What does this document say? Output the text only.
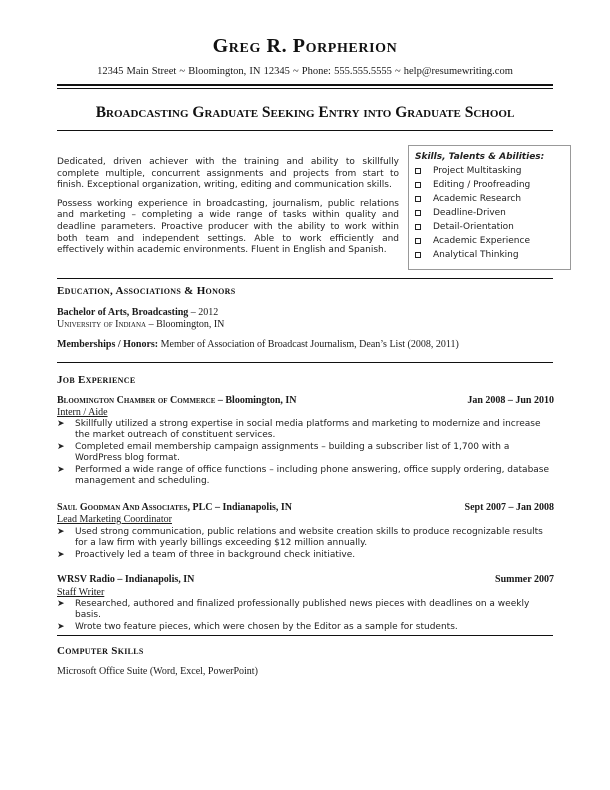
Greg R. Porpherion
12345 Main Street ~ Bloomington, IN 12345 ~ Phone: 555.555.5555 ~ help@resumewriting.com
Broadcasting Graduate Seeking Entry into Graduate School

Dedicated, driven achiever with the training and ability to skillfully complete multiple, concurrent assignments and projects from start to finish. Exceptional organization, writing, editing and communication skills.

Possess working experience in broadcasting, journalism, public relations and marketing – completing a wide range of tasks within quality and deadline parameters. Proactive producer with the ability to work within both team and independent settings. Able to work efficiently and effectively within academic environments. Fluent in English and Spanish.

Skills, Talents & Abilities:
Project Multitasking
Editing / Proofreading
Academic Research
Deadline-Driven
Detail-Orientation
Academic Experience
Analytical Thinking
Education, Associations & Honors
Bachelor of Arts, Broadcasting – 2012
University of Indiana – Bloomington, IN
Memberships / Honors: Member of Association of Broadcast Journalism, Dean’s List (2008, 2011)
Job Experience
Bloomington Chamber of Commerce – Bloomington, IN	Jan 2008 – Jun 2010
Intern / Aide
➤	Skillfully utilized a strong expertise in social media platforms and marketing to modernize and increase the market outreach of constituent services.
➤	Completed email membership campaign assignments – building a subscriber list of 1,700 with a WordPress blog format.
➤	Performed a wide range of office functions – including phone answering, office supply ordering, database management and scheduling.
Saul Goodman And Associates, PLC – Indianapolis, IN	Sept 2007 – Jan 2008
Lead Marketing Coordinator
➤	Used strong communication, public relations and website creation skills to produce recognizable results for a law firm with yearly billings exceeding $12 million annually.
➤	Proactively led a team of three in background check initiative.
WRSV Radio – Indianapolis, IN	Summer 2007
Staff Writer
➤	Researched, authored and finalized professionally published news pieces with deadlines on a weekly basis.
➤	Wrote two feature pieces, which were chosen by the Editor as a sample for students.
Computer Skills
Microsoft Office Suite (Word, Excel, PowerPoint)
